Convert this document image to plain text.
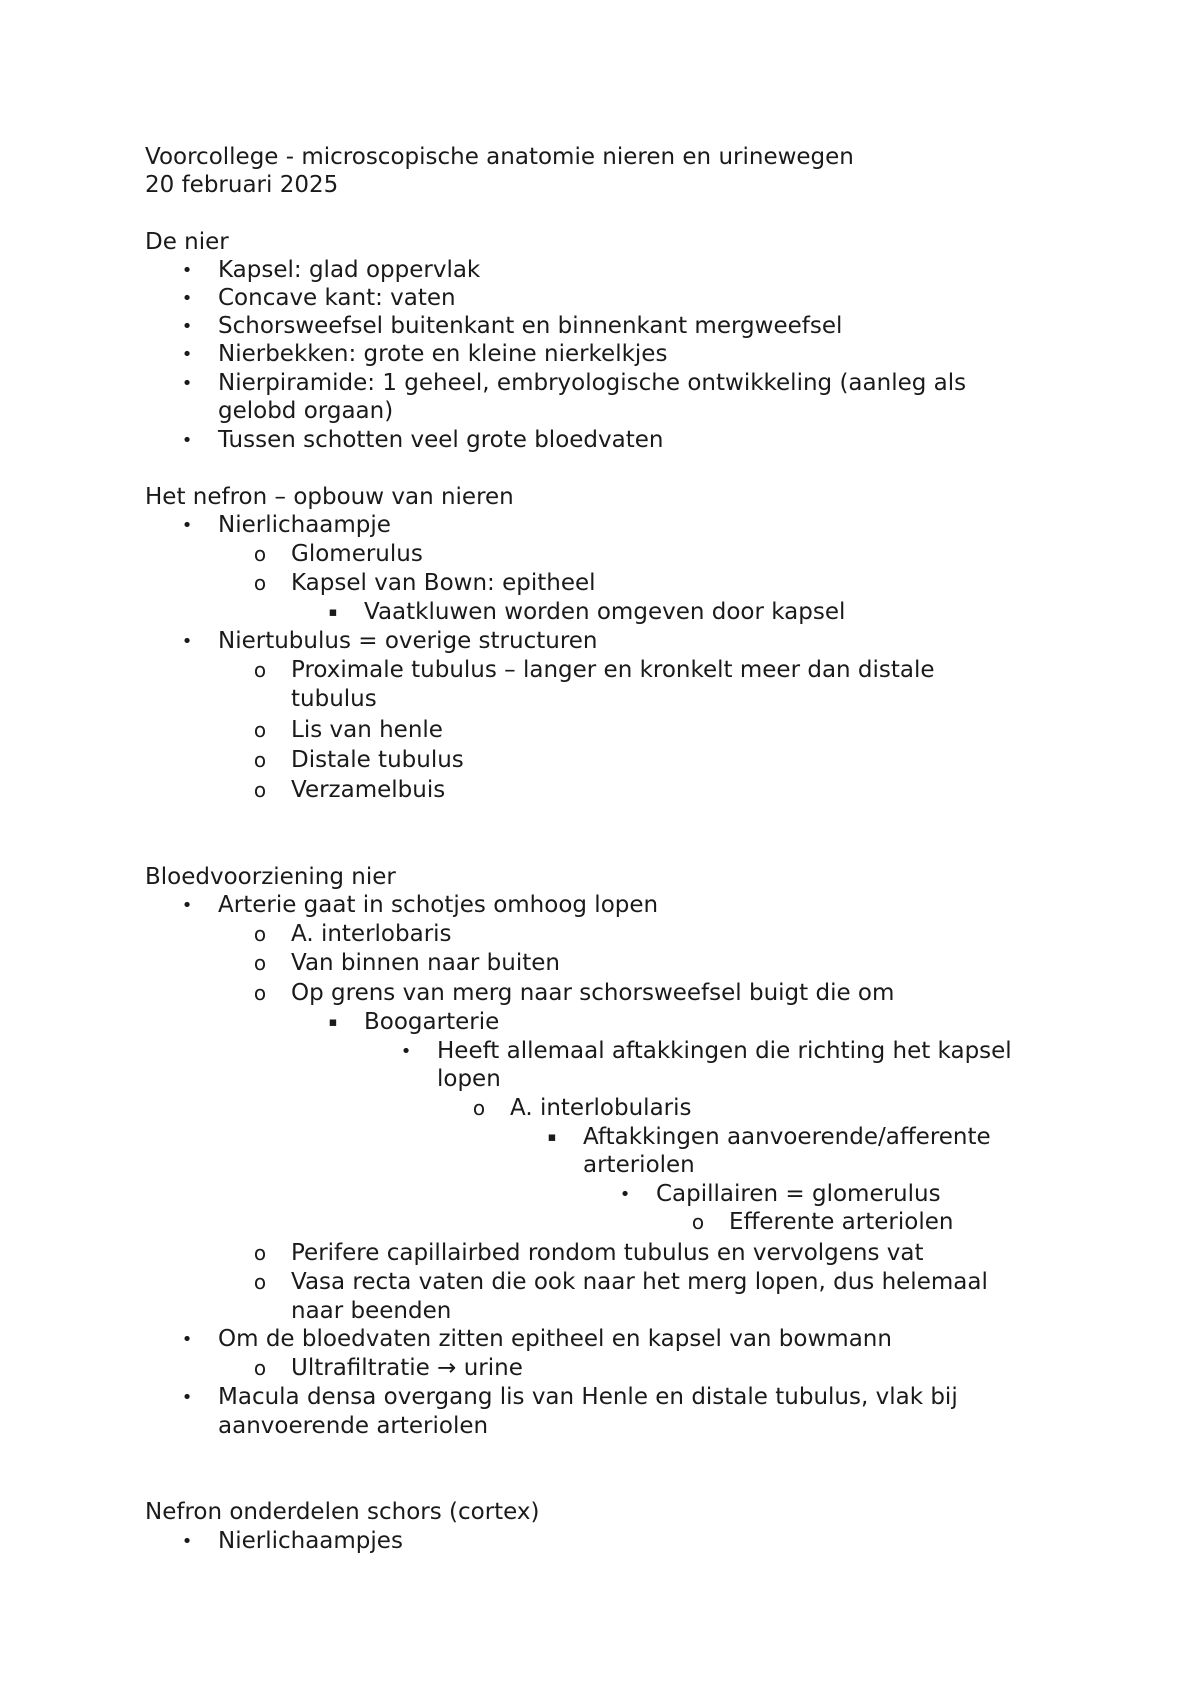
Voorcollege - microscopische anatomie nieren en urinewegen
20 februari 2025
De nier
•	Kapsel: glad oppervlak
•	Concave kant: vaten
•	Schorsweefsel buitenkant en binnenkant mergweefsel
•	Nierbekken: grote en kleine nierkelkjes
•	Nierpiramide: 1 geheel, embryologische ontwikkeling (aanleg als
gelobd orgaan)
•	Tussen schotten veel grote bloedvaten
Het nefron – opbouw van nieren
•	Nierlichaampje
o	Glomerulus
o	Kapsel van Bown: epitheel
▪	Vaatkluwen worden omgeven door kapsel
•	Niertubulus = overige structuren
o	Proximale tubulus – langer en kronkelt meer dan distale
tubulus
o	Lis van henle
o	Distale tubulus
o	Verzamelbuis
Bloedvoorziening nier
•	Arterie gaat in schotjes omhoog lopen
o	A. interlobaris
o	Van binnen naar buiten
o	Op grens van merg naar schorsweefsel buigt die om
▪	Boogarterie
•	Heeft allemaal aftakkingen die richting het kapsel
lopen
o	A. interlobularis
▪	Aftakkingen aanvoerende/afferente
arteriolen
•	Capillairen = glomerulus
o	Efferente arteriolen
o	Perifere capillairbed rondom tubulus en vervolgens vat
o	Vasa recta vaten die ook naar het merg lopen, dus helemaal
naar beenden
•	Om de bloedvaten zitten epitheel en kapsel van bowmann
o	Ultrafiltratie → urine
•	Macula densa overgang lis van Henle en distale tubulus, vlak bij
aanvoerende arteriolen
Nefron onderdelen schors (cortex)
•	Nierlichaampjes
